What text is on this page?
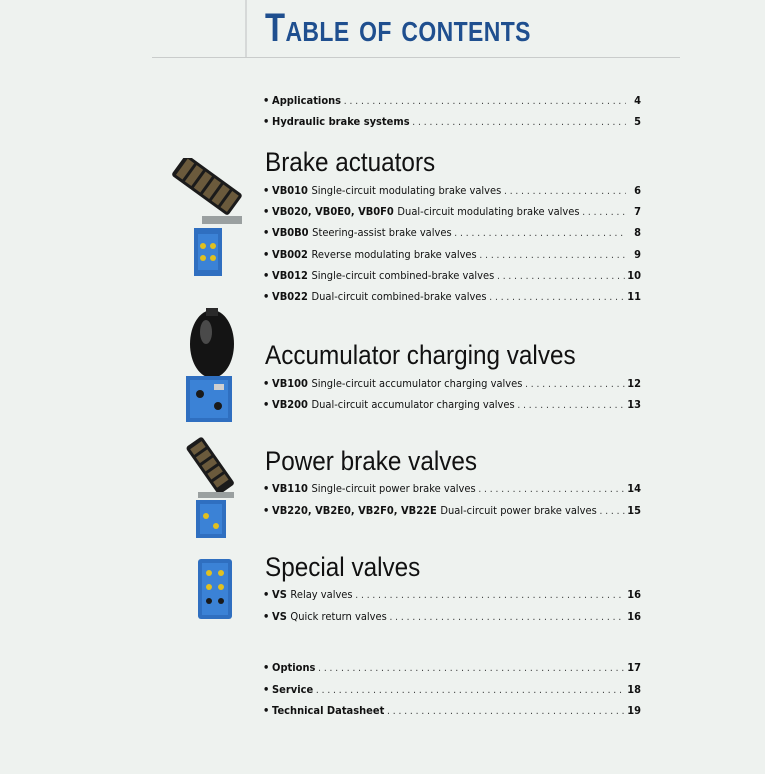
Table of contents
• Applications . . .	4
• Hydraulic brake systems . . .	5
Brake actuators
• VB010 Single-circuit modulating brake valves . . .	6
• VB020, VB0E0, VB0F0 Dual-circuit modulating brake valves . . .	7
• VB0B0 Steering-assist brake valves . . .	8
• VB002 Reverse modulating brake valves . . .	9
• VB012 Single-circuit combined-brake valves . . .	10
• VB022 Dual-circuit combined-brake valves . . .	11
Accumulator charging valves
• VB100 Single-circuit accumulator charging valves . . .	12
• VB200 Dual-circuit accumulator charging valves . . .	13
Power brake valves
• VB110 Single-circuit power brake valves . . .	14
• VB220, VB2E0, VB2F0, VB22E Dual-circuit power brake valves . . .	15
Special valves
• VS Relay valves . . .	16
• VS Quick return valves . . .	16
• Options . . .	17
• Service . . .	18
• Technical Datasheet . . .	19
